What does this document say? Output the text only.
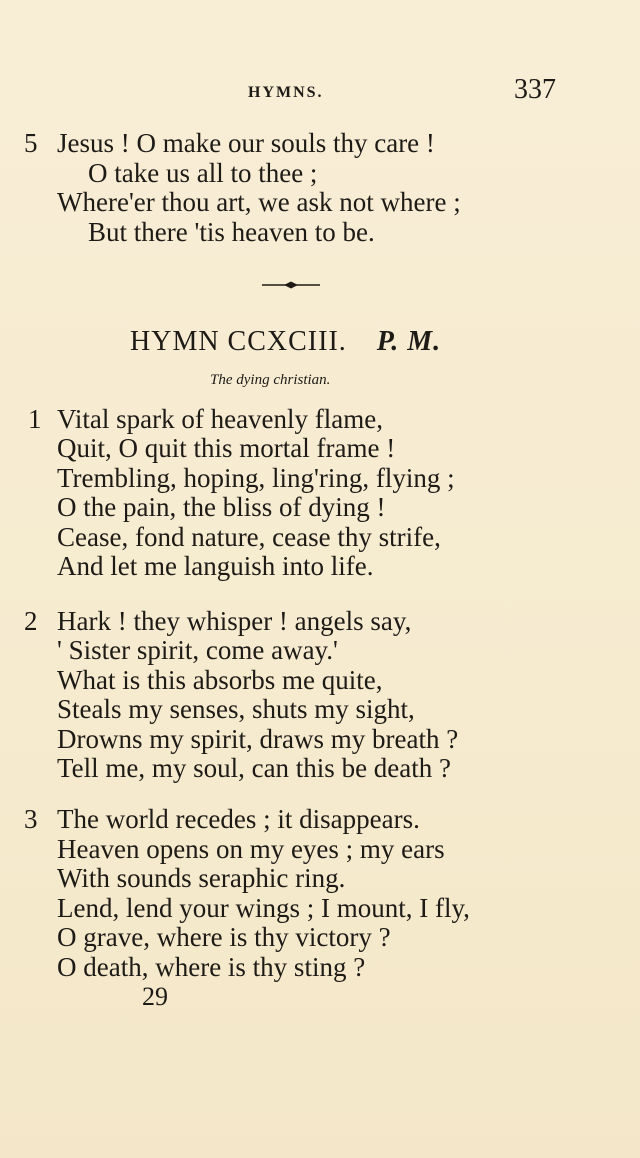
HYMNS.	337
5 Jesus ! O make our souls thy care !
O take us all to thee ;
Where'er thou art, we ask not where ;
But there 'tis heaven to be.
HYMN CCXCIII. P. M.
The dying christian.
1 Vital spark of heavenly flame,
Quit, O quit this mortal frame !
Trembling, hoping, ling'ring, flying ;
O the pain, the bliss of dying !
Cease, fond nature, cease thy strife,
And let me languish into life.
2 Hark ! they whisper ! angels say,
' Sister spirit, come away.'
What is this absorbs me quite,
Steals my senses, shuts my sight,
Drowns my spirit, draws my breath ?
Tell me, my soul, can this be death ?
3 The world recedes ; it disappears.
Heaven opens on my eyes ; my ears
With sounds seraphic ring.
Lend, lend your wings ; I mount, I fly,
O grave, where is thy victory ?
O death, where is thy sting ?
29
